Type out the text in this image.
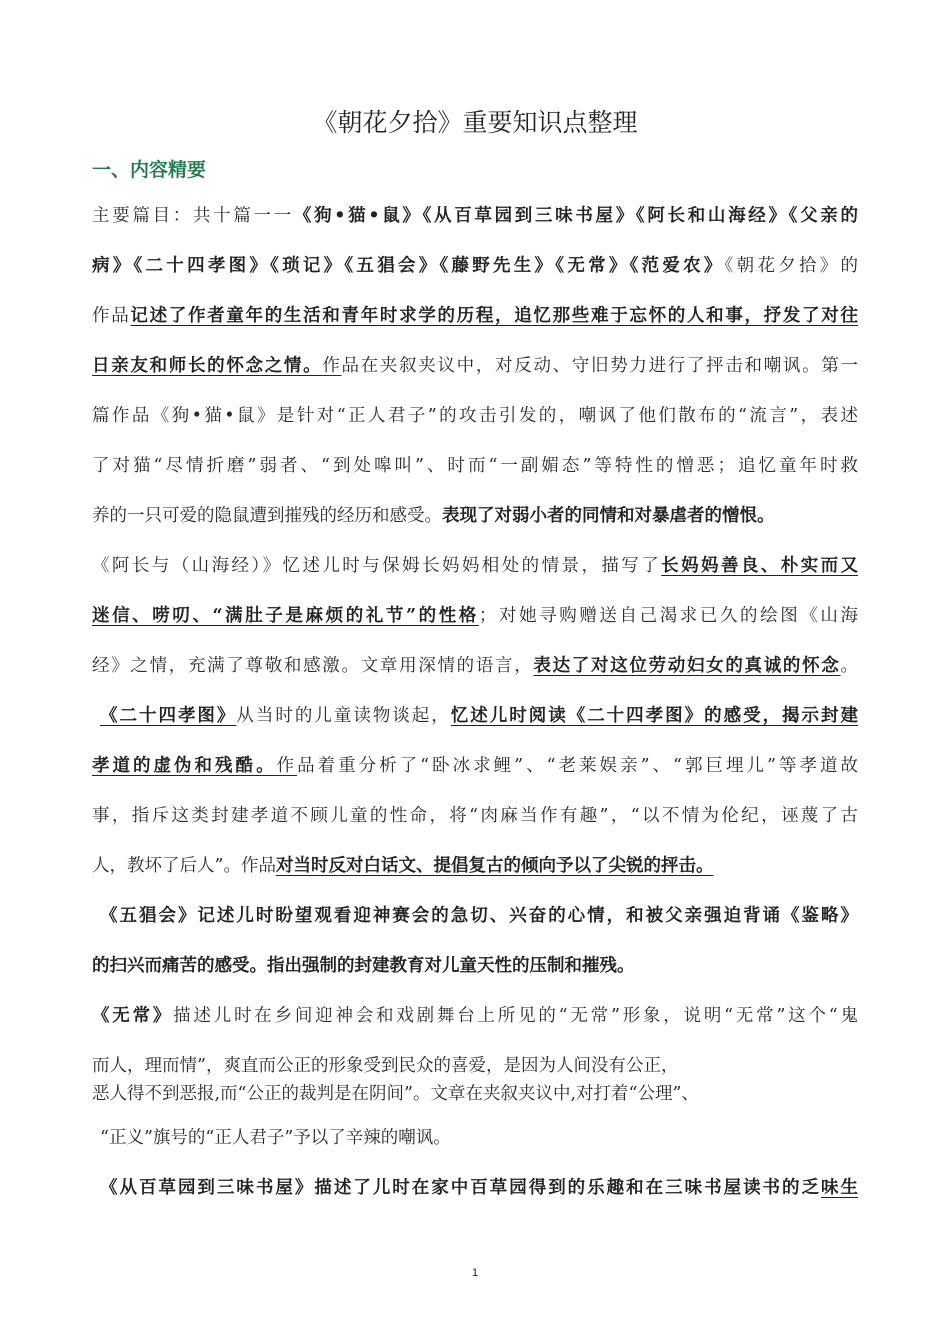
《朝花夕拾》重要知识点整理
一、内容精要
主要篇目：共十篇一一《狗•猫•鼠》《从百草园到三味书屋》《阿长和山海经》《父亲的
病》《二十四孝图》《琐记》《五猖会》《藤野先生》《无常》《范爱农》《朝花夕拾》的
作品记述了作者童年的生活和青年时求学的历程，追忆那些难于忘怀的人和事，抒发了对往
日亲友和师长的怀念之情。作品在夹叙夹议中，对反动、守旧势力进行了抨击和嘲讽。第一
篇作品《狗•猫•鼠》是针对“正人君子”的攻击引发的，嘲讽了他们散布的“流言”，表述
了对猫“尽情折磨”弱者、“到处嗥叫”、时而“一副媚态”等特性的憎恶；追忆童年时救
养的一只可爱的隐鼠遭到摧残的经历和感受。表现了对弱小者的同情和对暴虐者的憎恨。
《阿长与（山海经）》忆述儿时与保姆长妈妈相处的情景，描写了长妈妈善良、朴实而又
迷信、唠叨、“满肚子是麻烦的礼节”的性格；对她寻购赠送自己渴求已久的绘图《山海
经》之情，充满了尊敬和感激。文章用深情的语言，表达了对这位劳动妇女的真诚的怀念。
《二十四孝图》从当时的儿童读物谈起，忆述儿时阅读《二十四孝图》的感受，揭示封建
孝道的虚伪和残酷。作品着重分析了“卧冰求鲤”、“老莱娱亲”、“郭巨埋儿”等孝道故
事，指斥这类封建孝道不顾儿童的性命，将“肉麻当作有趣”，“以不情为伦纪，诬蔑了古
人，教坏了后人”。作品对当时反对白话文、提倡复古的倾向予以了尖锐的抨击。
《五猖会》记述儿时盼望观看迎神赛会的急切、兴奋的心情，和被父亲强迫背诵《鉴略》
的扫兴而痛苦的感受。指出强制的封建教育对儿童天性的压制和摧残。
《无常》描述儿时在乡间迎神会和戏剧舞台上所见的“无常”形象，说明“无常”这个“鬼
而人，理而情”，爽直而公正的形象受到民众的喜爱，是因为人间没有公正，
恶人得不到恶报,而“公正的裁判是在阴间”。文章在夹叙夹议中,对打着“公理”、
“正义”旗号的“正人君子”予以了辛辣的嘲讽。
《从百草园到三味书屋》描述了儿时在家中百草园得到的乐趣和在三味书屋读书的乏味生
1
